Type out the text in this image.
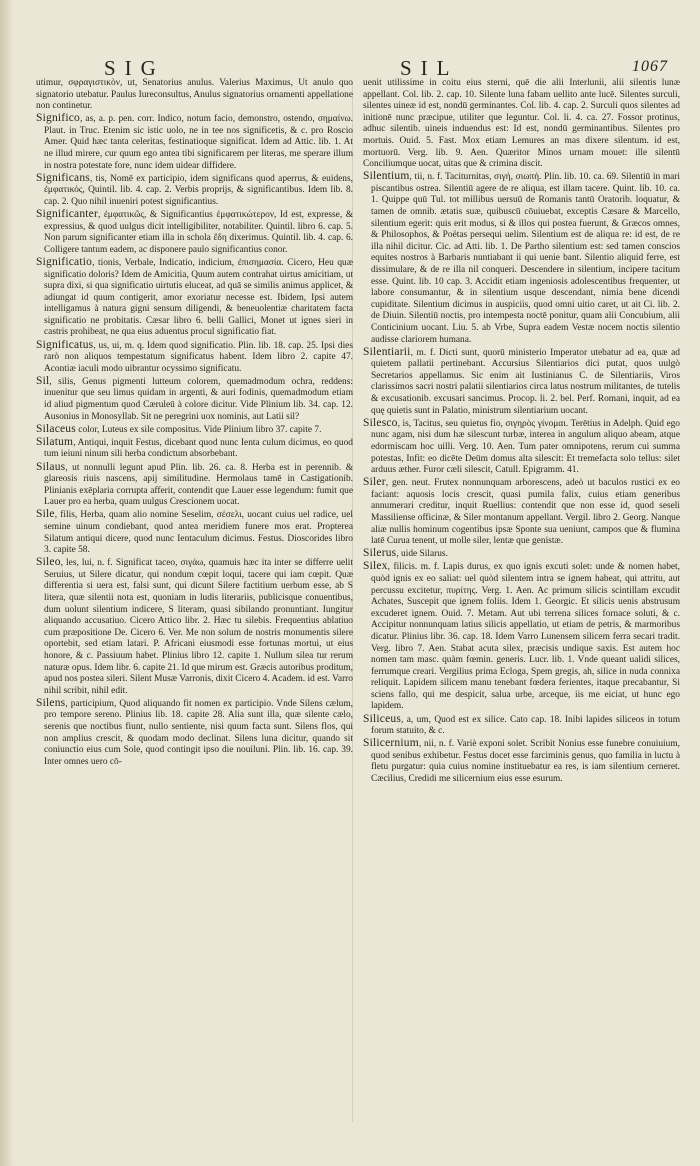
SIG	SIL	1067

utimur, σφραγιστικὸν, ut, Senatorius anulus. Valerius Maximus, Ut anulo quo signatorio utebatur. Paulus Iureconsultus, Anulus signatorius ornamenti appellatione non continetur.

Significo, as, a. p. pen. corr. Indico, notum facio, demonstro, ostendo, σημαίνω. Plaut. in Truc. Etenim sic istic uolo, ne in tee nos significetis, & c. pro Roscio Amer. Quid hæc tanta celeritas, festinatioque significat. Idem ad Attic. lib. 1. At ne illud mirere, cur quum ego antea tibi significarem per literas, me sperare illum in nostra potestate fore, nunc idem uidear diffidere.

Significans, tis, Nomē ex participio, idem significans quod aperrus, & euidens, ἐμφατικός, Quintil. lib. 4. cap. 2. Verbis proprijs, & significantibus. Idem lib. 8. cap. 2. Quo nihil inueniri potest significantius.

Significanter, ἐμφατικῶς, & Significantius ἐμφατικώτερον, Id est, expresse, & expressius, & quod uulgus dicit intelligibiliter, notabiliter. Quintil. libro 6. cap. 5. Non parum significanter etiam illa in schola ἔδη dixerimus. Quintil. lib. 4. cap. 6. Colligere tantum eadem, ac disponere paulo significantius conor.

Significatio, tionis, Verbale, Indicatio, indicium, ἐπισημασία. Cicero, Heu quæ significatio doloris? Idem de Amicitia, Quum autem contrahat uirtus amicitiam, ut supra dixi, si qua significatio uirtutis eluceat, ad quā se similis animus applicet, & adiungat id quum contigerit, amor exoriatur necesse est. Ibidem, Ipsi autem intelligamus à natura gigni sensum diligendi, & beneuolentiæ charitatem facta significatio ne probitatis. Cæsar libro 6. belli Gallici, Monet ut ignes sieri in castris prohibeat, ne qua eius aduentus procul significatio fiat.

Significatus, us, ui, m. q. Idem quod significatio. Plin. lib. 18. cap. 25. Ipsi dies rarò non aliquos tempestatum significatus habent. Idem libro 2. capite 47. Acontiæ iaculi modo uibrantur ocyssimo significatu.

Sil, silis, Genus pigmenti lutteum colorem, quemadmodum ochra, reddens: inuenitur que seu limus quidam in argenti, & auri fodinis, quemadmodum etiam id aliud pigmentum quod Cæruleū à colore dicitur. Vide Plinium lib. 34. cap. 12. Ausonius in Monosyllab. Sit ne peregrini uox nominis, aut Latii sil?

Silaceus color, Luteus ex sile compositus. Vide Plinium libro 37. capite 7.

Silatum, Antiqui, inquit Festus, dicebant quod nunc Ienta culum dicimus, eo quod tum ieiuni ninum sili herba condictum absorbebant.

Silaus, ut nonnulli legunt apud Plin. lib. 26. ca. 8. Herba est in perennib. & glareosis riuis nascens, apij similitudine. Hermolaus tamē in Castigationib. Plinianis exēplaria corrupta afferit, contendit que Lauer esse legendum: fumit que Lauer pro ea herba, quam uulgus Crescionem uocat.

Sile, filis, Herba, quam alio nomine Seselim, σέσελι, uocant cuius uel radice, uel semine uinum condiebant, quod antea meridiem funere mos erat. Propterea Silatum antiqui dicere, quod nunc Ientaculum dicimus. Festus. Dioscorides libro 3. capite 58.

Sileo, les, lui, n. f. Significat taceo, σιγάω, quamuis hæc ita inter se differre uelit Seruius, ut Silere dicatur, qui nondum cœpit loqui, tacere qui iam cœpit. Quæ differentia si uera est, falsi sunt, qui dicunt Silere factitium uerbum esse, ab S litera, quæ silentii nota est, quoniam in ludis literariis, publicisque conuentibus, dum uolunt silentium indicere, S literam, quasi sibilando pronuntiant. Iungitur aliquando accusatiuo. Cicero Attico libr. 2. Hæc tu silebis. Frequentius ablatiuo cum præpositione De. Cicero 6. Ver. Me non solum de nostris monumentis silere oportebit, sed etiam latari. P. Africani eiusmodi esse fortunas mortui, ut eius honore, & c. Passiuum habet. Plinius libro 12. capite 1. Nullum silea tur rerum naturæ opus. Idem libr. 6. capite 21. Id que mirum est. Græcis autoribus proditum, apud nos postea sileri. Silent Musæ Varronis, dixit Cicero 4. Academ. id est. Varro nihil scribit, nihil edit.

Silens, participium, Quod aliquando fit nomen ex participio. Vnde Silens cælum, pro tempore sereno. Plinius lib. 18. capite 28. Alia sunt illa, quæ silente cælo, serenis que noctibus fiunt, nullo sentiente, nisi quum facta sunt. Silens flos, qui non amplius crescit, & quodam modo declinat. Silens luna dicitur, quando sit coniunctio eius cum Sole, quod contingit ipso die nouiluni. Plin. lib. 16. cap. 39. Inter omnes uero cō-

uenit utilissime in coitu eius sterni, quē die alii Interlunii, alii silentis lunæ appellant. Col. lib. 2. cap. 10. Silente luna fabam uellito ante lucē. Silentes surculi, silentes uineæ id est, nondū germinantes. Col. lib. 4. cap. 2. Surculi quos silentes ad initionē nunc præcipue, utiliter que leguntur. Col. li. 4. ca. 27. Fossor protinus, adhuc silentib. uineis induendus est: Id est, nondū germinantibus. Silentes pro mortuis. Ouid. 5. Fast. Mox etiam Lemures an mas dixere silentum. id est, mortuorū. Verg. lib. 9. Aen. Quæritor Minos urnam mouet: ille silentū Conciliumque uocat, uitas que & crimina discit.

Silentium, tii, n. f. Taciturnitas, σιγή, σιωπή. Plin. lib. 10. ca. 69. Silentiū in mari piscantibus ostrea. Silentiū agere de re aliqua, est illam tacere. Quint. lib. 10. ca. 1. Quippe quū Tul. tot millibus uersuū de Romanis tantū Oratorib. loquatur, & tamen de omnib. ætatis suæ, quibuscū cōuiuebat, exceptis Cæsare & Marcello, silentium egerit: quis erit modus, si & illos qui postea fuerunt, & Græcos omnes, & Philosophos, & Poëtas persequi uelim. Silentium est de aliqua re: id est, de re illa nihil dicitur. Cic. ad Atti. lib. 1. De Partho silentium est: sed tamen conscios equites nostros à Barbaris nuntiabant ii qui uenie bant. Silentio aliquid ferre, est dissimulare, & de re illa nil conqueri. Descendere in silentium, incipere tacitum esse. Quint. lib. 10 cap. 3. Accidit etiam ingeniosis adolescentibus frequenter, ut labore consumantur, & in silentium usque descendant, nimia bene dicendi cupiditate. Silentium dicimus in auspiciis, quod omni uitio caret, ut ait Ci. lib. 2. de Diuin. Silentiū noctis, pro intempesta noctē ponitur, quam alii Concubium, alii Conticinium uocant. Liu. 5. ab Vrbe, Supra eadem Vestæ nocem noctis silentio audisse clariorem humana.

Silentiarii, m. f. Dicti sunt, quorū ministerio Imperator utebatur ad ea, quæ ad quietem pallatii pertinebant. Accursius Silentiarios dici putat, quos uulgò Secretarios appellamus. Sic enim ait Iustinianus C. de Silentiariis, Viros clarissimos sacri nostri palatii silentiarios circa latus nostrum militantes, de tutelis & excusationib. excusari sancimus. Procop. li. 2. bel. Perf. Romani, inquit, ad ea quę quietis sunt in Palatio, ministrum silentiarium uocant.

Silesco, is, Tacitus, seu quietus fio, σιγηρὸς γίνομαι. Terētius in Adelph. Quid ego nunc agam, nisi dum hæ silescunt turbæ, interea in angulum aliquo abeam, atque edormiscam hoc uilli. Verg. 10. Aen. Tum pater omnipotens, rerum cui summa potestas, Infit: eo dicēte Deūm domus alta silescit: Et tremefacta solo tellus: silet arduus æther. Furor cæli silescit, Catull. Epigramm. 41.

Siler, gen. neut. Frutex nonnunquam arborescens, adeò ut baculos rustici ex eo faciant: aquosis locis crescit, quasi pumila falix, cuius etiam generibus annumerari creditur, inquit Ruellius: contendit que non esse id, quod seseli Massiliense officinæ, & Siler montanum appellant. Vergil. libro 2. Georg. Nanque aliæ nullis hominum cogentibus ipsæ Sponte sua ueniunt, campos que & flumina latē Curua tenent, ut molle siler, lentæ que genistæ.

Silerus, uide Silarus.

Silex, filicis. m. f. Lapis durus, ex quo ignis excuti solet: unde & nomen habet, quòd ignis ex eo saliat: uel quòd silentem intra se ignem habeat, qui attritu, aut percussu excitetur, πυρίτης. Verg. 1. Aen. Ac primum silicis scintillam excudit Achates, Suscepit que ignem foliis. Idem 1. Georgic. Et silicis uenis abstrusum excuderet ignem. Ouid. 7. Metam. Aut ubi terrena silices fornace soluti, & c. Accipitur nonnunquam latius silicis appellatio, ut etiam de petris, & marmoribus dicatur. Plinius libr. 36. cap. 18. Idem Varro Lunensem silicem ferra secari tradit. Verg. libro 7. Aen. Stabat acuta silex, præcisis undique saxis. Est autem hoc nomen tam masc. quàm fœmin. generis. Lucr. lib. 1. Vnde queant ualidi silices, ferrumque creari. Vergilius prima Ecloga, Spem gregis, ah, silice in nuda connixa reliquit. Lapidem silicem manu tenebant fœdera ferientes, itaque precabantur, Si sciens fallo, qui me despicit, salua urbe, arceque, iis me eiciat, ut hunc ego lapidem.

Siliceus, a, um, Quod est ex silice. Cato cap. 18. Inibi lapides siliceos in totum forum statuito, & c.

Silicernium, nii, n. f. Variè exponi solet. Scribit Nonius esse funebre conuiuium, quod senibus exhibetur. Festus docet esse farciminis genus, quo familia in luctu à fletu purgatur: quia cuius nomine instituebatur ea res, is iam silentium cerneret. Cæcilius, Credidi me silicernium eius esse esurum.
